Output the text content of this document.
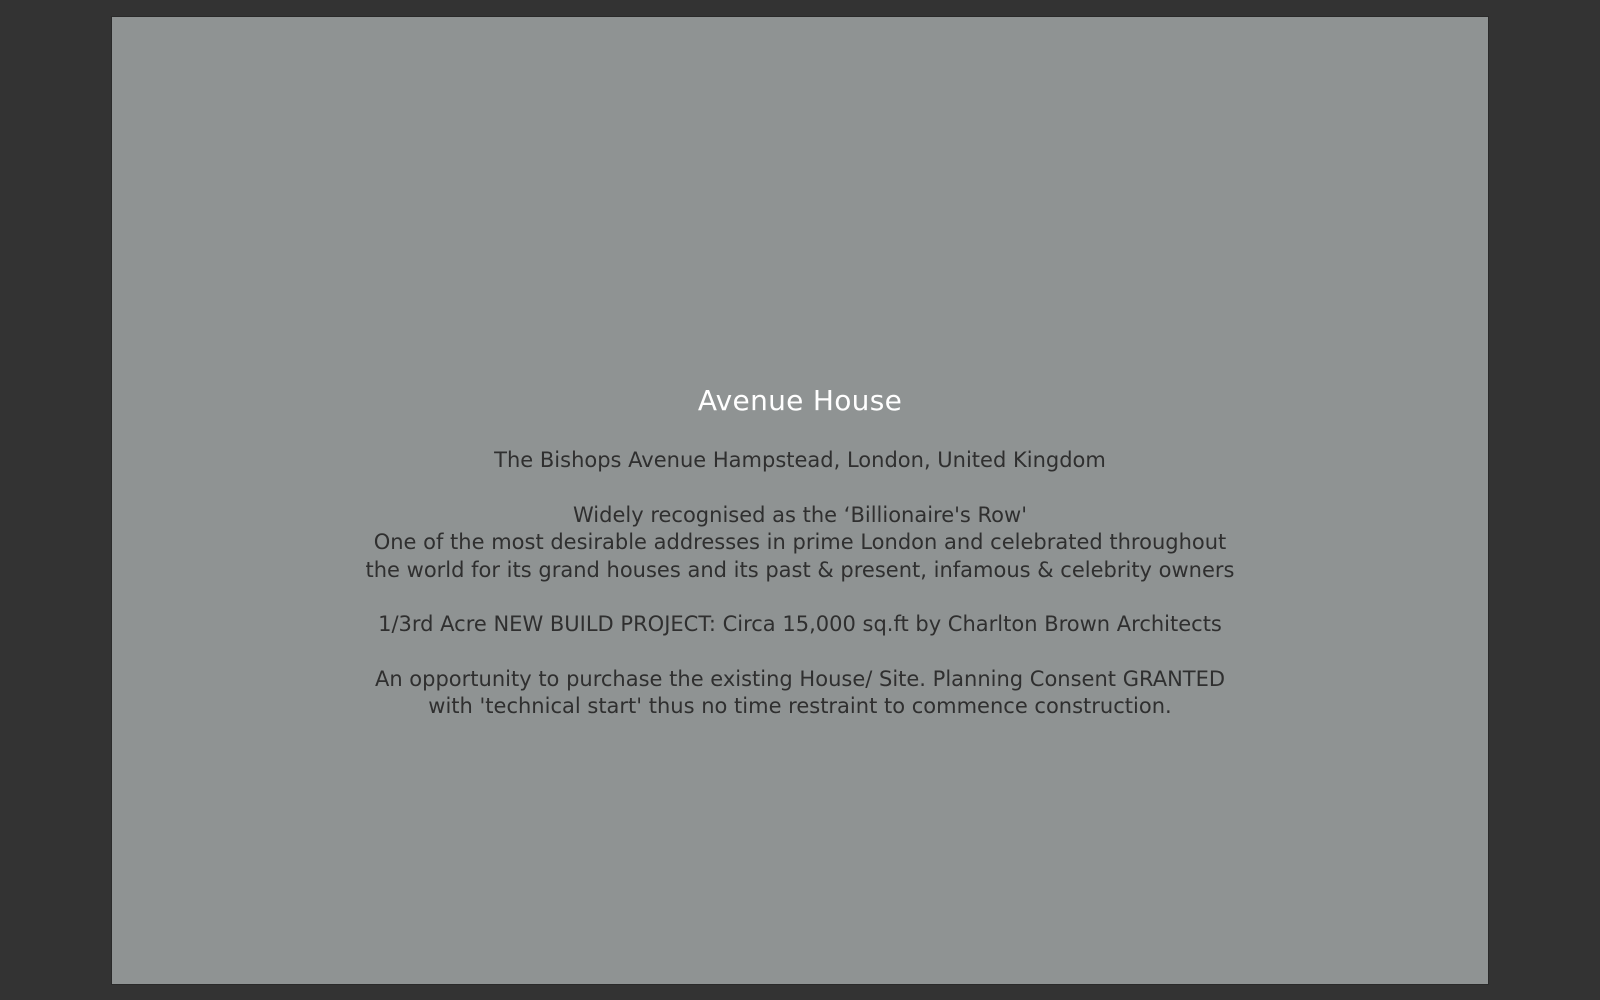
Avenue House

The Bishops Avenue Hampstead, London, United Kingdom

Widely recognised as the ‘Billionaire's Row'
One of the most desirable addresses in prime London and celebrated throughout
the world for its grand houses and its past & present, infamous & celebrity owners

1/3rd Acre NEW BUILD PROJECT: Circa 15,000 sq.ft by Charlton Brown Architects

An opportunity to purchase the existing House/ Site. Planning Consent GRANTED
with 'technical start' thus no time restraint to commence construction.
